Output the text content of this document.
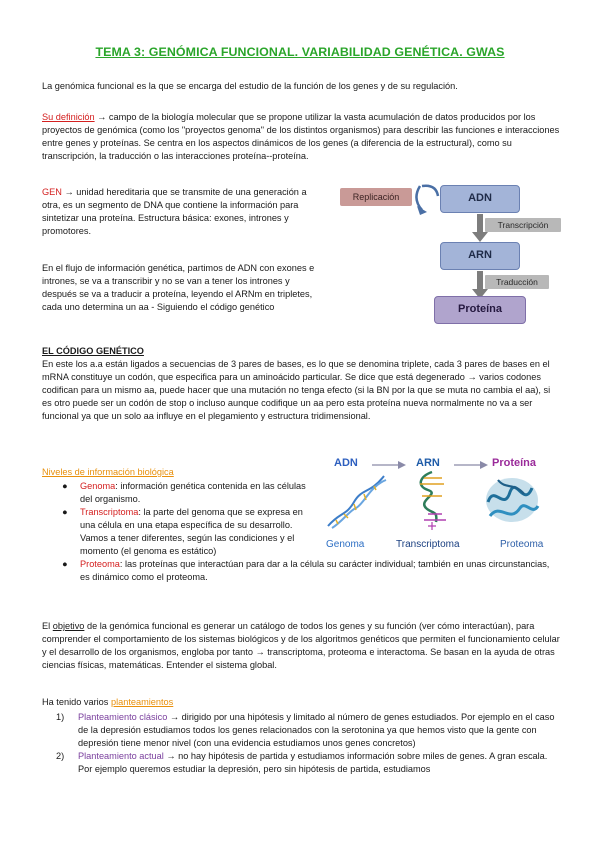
TEMA 3: GENÓMICA FUNCIONAL. VARIABILIDAD GENÉTICA. GWAS

La genómica funcional es la que se encarga del estudio de la función de los genes y de su regulación.

Su definición → campo de la biología molecular que se propone utilizar la vasta acumulación de datos producidos por los proyectos de genómica (como los "proyectos genoma" de los distintos organismos) para describir las funciones e interacciones entre genes y proteínas. Se centra en los aspectos dinámicos de los genes (a diferencia de la estructural), como su transcripción, la traducción o las interacciones proteína--proteína.

GEN → unidad hereditaria que se transmite de una generación a otra, es un segmento de DNA que contiene la información para sintetizar una proteína. Estructura básica: exones, intrones y promotores.

En el flujo de información genética, partimos de ADN con exones e intrones, se va a transcribir y no se van a tener los intrones y después se va a traducir a proteína, leyendo el ARNm en tripletes, cada uno determina un aa - Siguiendo el código genético

Replicación	ADN
Transcripción
ARN
Traducción
Proteína

EL CÓDIGO GENÉTICO
En este los a.a están ligados a secuencias de 3 pares de bases, es lo que se denomina triplete, cada 3 pares de bases en el mRNA constituye un codón, que especifica para un aminoácido particular. Se dice que está degenerado → varios codones codifican para un mismo aa, puede hacer que una mutación no tenga efecto (si la BN por la que se muta no cambia el aa), si es otro puede ser un codón de stop o incluso aunque codifique un aa pero esta proteína nueva normalmente no va a ser funcional ya que un solo aa influye en el plegamiento y estructura tridimensional.

Niveles de información biológica

● Genoma: información genética contenida en las células del organismo.
● Transcriptoma: la parte del genoma que se expresa en una célula en una etapa específica de su desarrollo. Vamos a tener diferentes, según las condiciones y el momento (el genoma es estático)
● Proteoma: las proteínas que interactúan para dar a la célula su carácter individual; también en unas circunstancias, es dinámico como el proteoma.
ADN	ARN	Proteína
Genoma	Transcriptoma	Proteoma

El objetivo de la genómica funcional es generar un catálogo de todos los genes y su función (ver cómo interactúan), para comprender el comportamiento de los sistemas biológicos y de los algoritmos genéticos que permiten el funcionamiento celular y el desarrollo de los organismos, engloba por tanto → transcriptoma, proteoma e interactoma. Se basan en la ayuda de otras ciencias físicas, matemáticas. Entender el sistema global.

Ha tenido varios planteamientos

1) Planteamiento clásico → dirigido por una hipótesis y limitado al número de genes estudiados. Por ejemplo en el caso de la depresión estudiamos todos los genes relacionados con la serotonina ya que hemos visto que la gente con depresión tiene menor nivel (con una evidencia estudiamos unos genes concretos)
2) Planteamiento actual → no hay hipótesis de partida y estudiamos información sobre miles de genes. A gran escala. Por ejemplo queremos estudiar la depresión, pero sin hipótesis de partida, estudiamos
